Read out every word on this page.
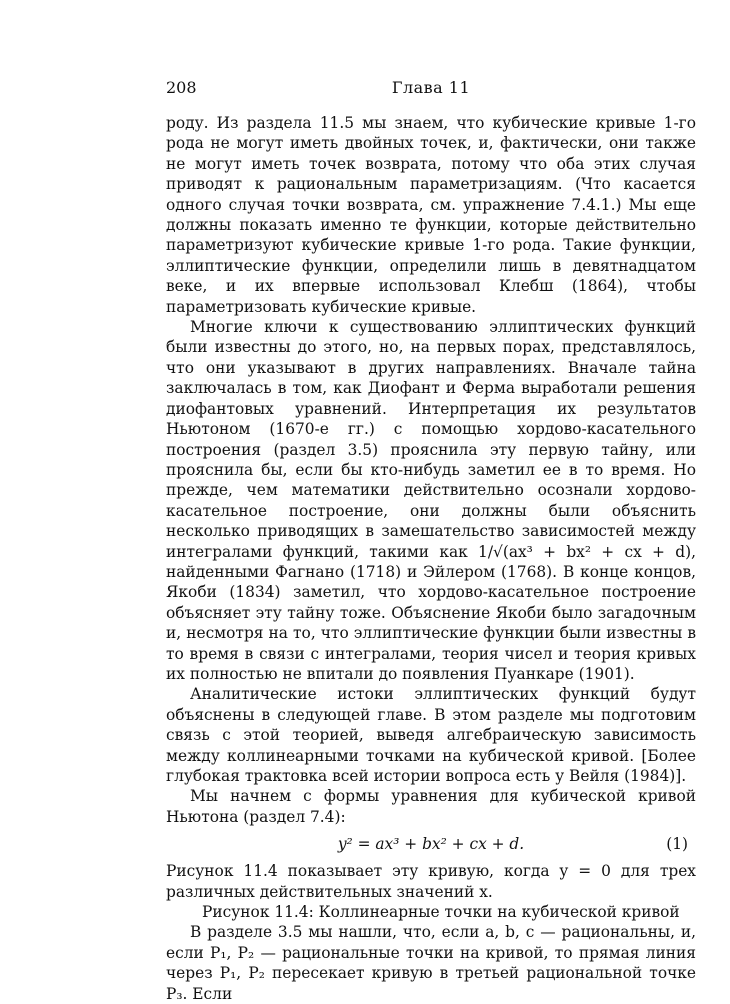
208	Глава 11

роду. Из раздела 11.5 мы знаем, что кубические кривые 1-го рода не могут иметь двойных точек, и, фактически, они также не могут иметь точек возврата, потому что оба этих случая приводят к рациональным параметризациям. (Что касается одного случая точки возврата, см. упражнение 7.4.1.) Мы еще должны показать именно те функции, которые действительно параметризуют кубические кривые 1-го рода. Такие функции, эллиптические функции, определили лишь в девятнадцатом веке, и их впервые использовал Клебш (1864), чтобы параметризовать кубические кривые.

Многие ключи к существованию эллиптических функций были известны до этого, но, на первых порах, представлялось, что они указывают в других направлениях. Вначале тайна заключалась в том, как Диофант и Ферма выработали решения диофантовых уравнений. Интерпретация их результатов Ньютоном (1670-е гг.) с помощью хордово-касательного построения (раздел 3.5) прояснила эту первую тайну, или прояснила бы, если бы кто-нибудь заметил ее в то время. Но прежде, чем математики действительно осознали хордово-касательное построение, они должны были объяснить несколько приводящих в замешательство зависимостей между интегралами функций, такими как 1/√(ax³ + bx² + cx + d), найденными Фагнано (1718) и Эйлером (1768). В конце концов, Якоби (1834) заметил, что хордово-касательное построение объясняет эту тайну тоже. Объяснение Якоби было загадочным и, несмотря на то, что эллиптические функции были известны в то время в связи с интегралами, теория чисел и теория кривых их полностью не впитали до появления Пуанкаре (1901).

Аналитические истоки эллиптических функций будут объяснены в следующей главе. В этом разделе мы подготовим связь с этой теорией, выведя алгебраическую зависимость между коллинеарными точками на кубической кривой. [Более глубокая трактовка всей истории вопроса есть у Вейля (1984)].

Мы начнем с формы уравнения для кубической кривой Ньютона (раздел 7.4):

y² = ax³ + bx² + cx + d.	(1)

Рисунок 11.4 показывает эту кривую, когда y = 0 для трех различных действительных значений x.

Рисунок 11.4: Коллинеарные точки на кубической кривой

В разделе 3.5 мы нашли, что, если a, b, c — рациональны, и, если P₁, P₂ — рациональные точки на кривой, то прямая линия через P₁, P₂ пересекает кривую в третьей рациональной точке P₃. Если
